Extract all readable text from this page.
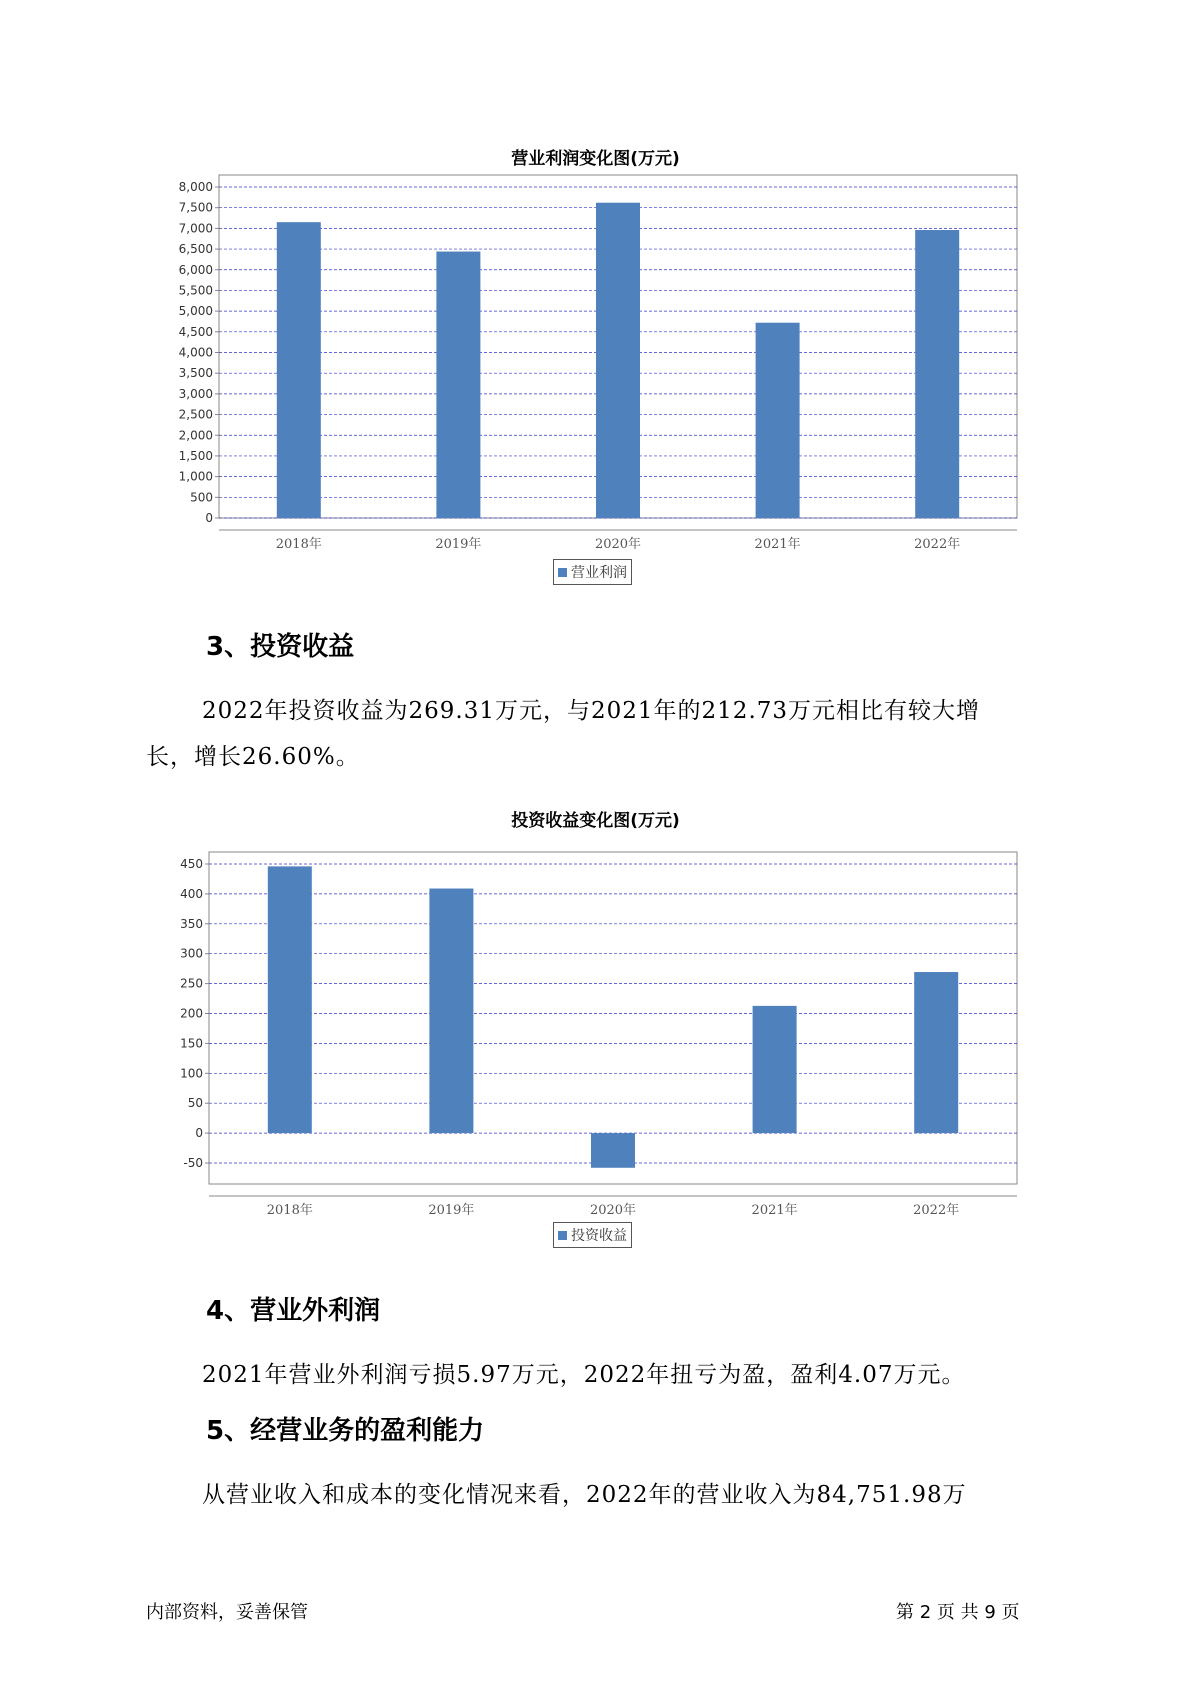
营业利润变化图(万元)
8,000
7,500
7,000
6,500
6,000
5,500
5,000
4,500
4,000
3,500
3,000
2,500
2,000
1,500
1,000
500
0
2018年	2019年	2020年	2021年	2022年
营业利润
3、投资收益
2022年投资收益为269.31万元，与2021年的212.73万元相比有较大增
长，增长26.60%。
投资收益变化图(万元)
450
400
350
300
250
200
150
100
50
0
-50
2018年	2019年	2020年	2021年	2022年
投资收益
4、营业外利润
2021年营业外利润亏损5.97万元，2022年扭亏为盈，盈利4.07万元。
5、经营业务的盈利能力
从营业收入和成本的变化情况来看，2022年的营业收入为84,751.98万
内部资料，妥善保管	第 2 页 共 9 页
